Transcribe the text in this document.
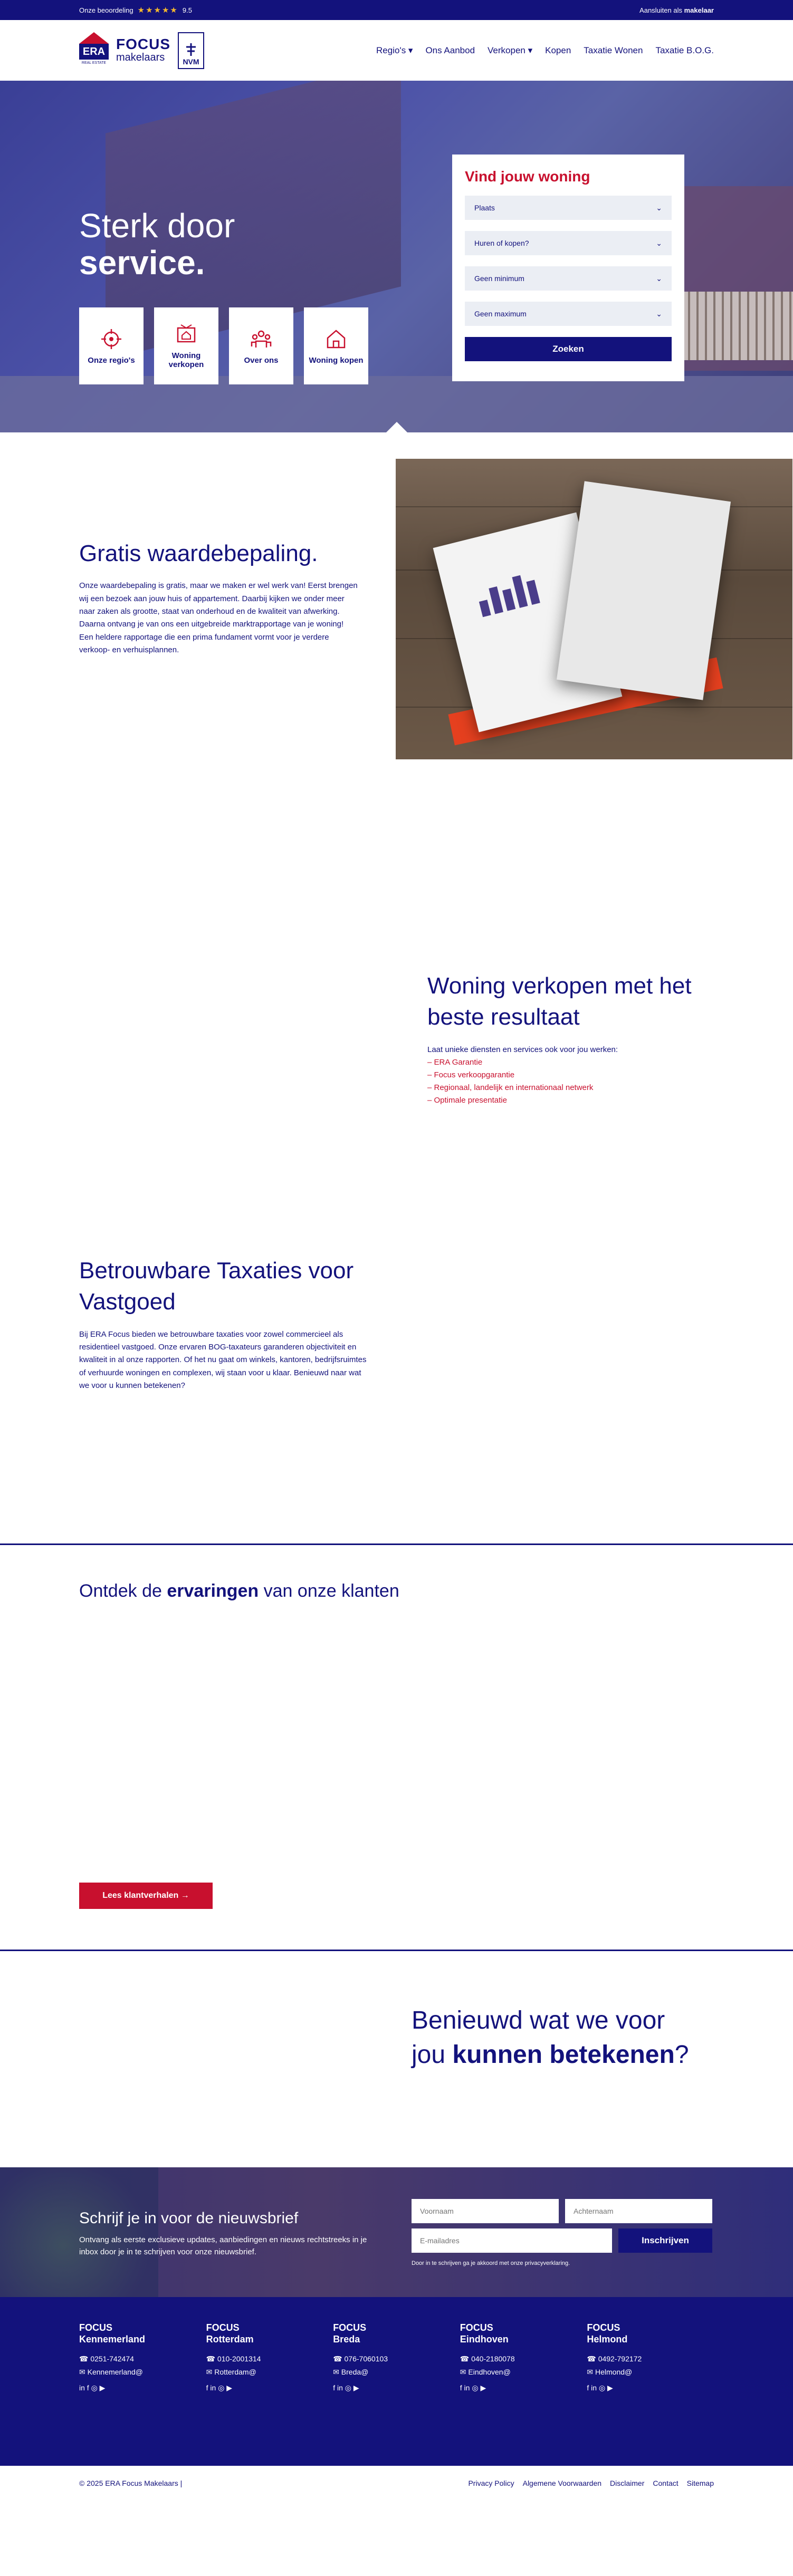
Onze beoordeling ★★★★★ 9.5	Aansluiten als makelaar
ERA
REAL ESTATE
FOCUS
makelaars	NVM
Regio's ▾ Ons Aanbod Verkopen ▾ Kopen Taxatie Wonen Taxatie B.O.G.
Sterk door
service.
Onze regio's	Woning verkopen	Over ons	Woning kopen
Vind jouw woning
Plaats	⌄
Huren of kopen?	⌄
Geen minimum	⌄
Geen maximum	⌄
Zoeken
Gratis waardebepaling.

Onze waardebepaling is gratis, maar we maken er wel werk van! Eerst brengen wij een bezoek aan jouw huis of appartement. Daarbij kijken we onder meer naar zaken als grootte, staat van onderhoud en de kwaliteit van afwerking. Daarna ontvang je van ons een uitgebreide marktrapportage van je woning! Een heldere rapportage die een prima fundament vormt voor je verdere verkoop- en verhuisplannen.

Woning verkopen met het beste resultaat
Laat unieke diensten en services ook voor jou werken:
– ERA Garantie
– Focus verkoopgarantie
– Regionaal, landelijk en internationaal netwerk
– Optimale presentatie
Betrouwbare Taxaties voor Vastgoed

Bij ERA Focus bieden we betrouwbare taxaties voor zowel commercieel als residentieel vastgoed. Onze ervaren BOG-taxateurs garanderen objectiviteit en kwaliteit in al onze rapporten. Of het nu gaat om winkels, kantoren, bedrijfsruimtes of verhuurde woningen en complexen, wij staan voor u klaar. Benieuwd naar wat we voor u kunnen betekenen?

Ontdek de ervaringen van onze klanten
Lees klantverhalen →
Benieuwd wat we voor
jou kunnen betekenen?
Schrijf je in voor de nieuwsbrief

Ontvang als eerste exclusieve updates, aanbiedingen en nieuws rechtstreeks in je inbox door je in te schrijven voor onze nieuwsbrief.

Voornaam
Achternaam
E-mailadres
Inschrijven
Door in te schrijven ga je akkoord met onze privacyverklaring.
FOCUS
Kennemerland
☎ 0251-742474
✉ Kennemerland@
in f ◎ ▶
FOCUS
Rotterdam
☎ 010-2001314
✉ Rotterdam@
f in ◎ ▶
FOCUS
Breda
☎ 076-7060103
✉ Breda@
f in ◎ ▶
FOCUS
Eindhoven
☎ 040-2180078
✉ Eindhoven@
f in ◎ ▶
FOCUS
Helmond
☎ 0492-792172
✉ Helmond@
f in ◎ ▶
© 2025 ERA Focus Makelaars |	Privacy Policy Algemene Voorwaarden Disclaimer Contact Sitemap
